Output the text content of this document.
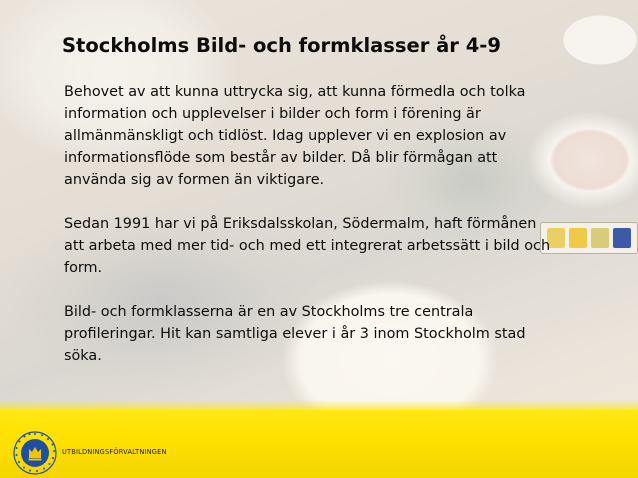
Stockholms Bild- och formklasser år 4-9

Behovet av att kunna uttrycka sig, att kunna förmedla och tolka
information och upplevelser i bilder och form i förening är
allmänmänskligt och tidlöst. Idag upplever vi en explosion av
informationsflöde som består av bilder. Då blir förmågan att
använda sig av formen än viktigare.

Sedan 1991 har vi på Eriksdalsskolan, Södermalm, haft förmånen
att arbeta med mer tid- och med ett integrerat arbetssätt i bild och
form.

Bild- och formklasserna är en av Stockholms tre centrala
profileringar. Hit kan samtliga elever i år 3 inom Stockholm stad
söka.

UTBILDNINGSFÖRVALTNINGEN
